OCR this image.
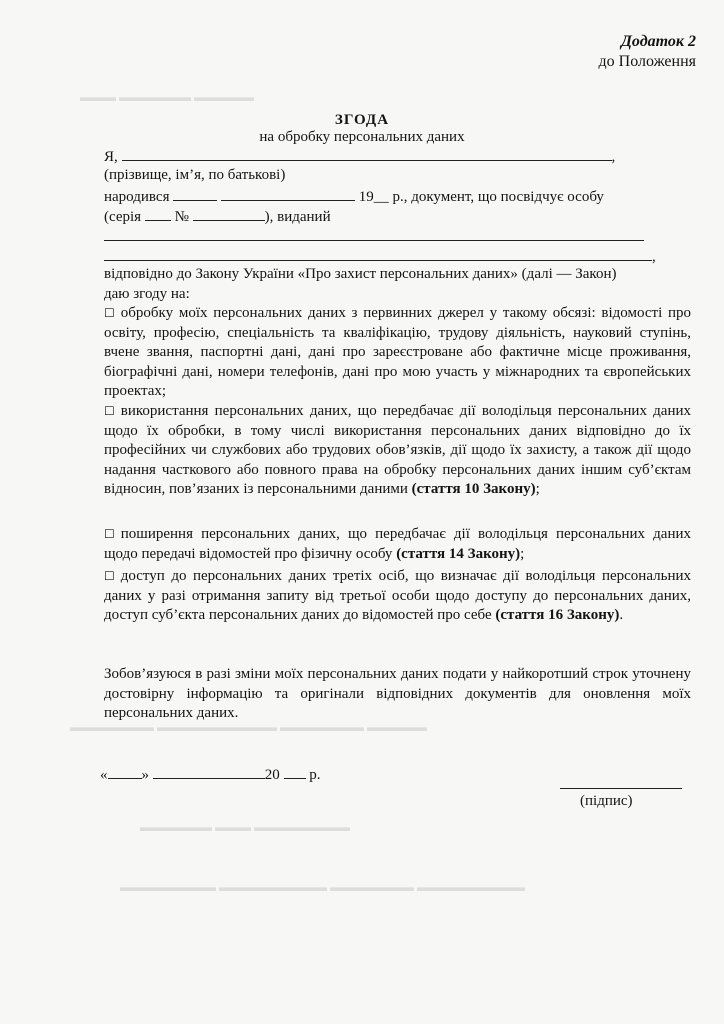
▬▬▬ ▬▬▬▬▬▬ ▬▬▬▬▬
▬▬▬▬▬▬▬ ▬▬▬▬▬▬▬▬▬▬ ▬▬▬▬▬▬▬ ▬▬▬▬▬
▬▬▬▬▬▬ ▬▬▬ ▬▬▬▬▬▬▬▬
▬▬▬▬▬▬▬▬ ▬▬▬▬▬▬▬▬▬ ▬▬▬▬▬▬▬ ▬▬▬▬▬▬▬▬▬
Додаток 2
до Положення
ЗГОДА
на обробку персональних даних
Я,	,
(прізвище, ім’я, по батькові)
народився	19__ р., документ, що посвідчує особу
(серія №	), виданий
,
відповідно до Закону України «Про захист персональних даних» (далі — Закон)
даю згоду на:
☐ обробку моїх персональних даних з первинних джерел у такому обсязі: відомості про освіту, професію, спеціальність та кваліфікацію, трудову діяльність, науковий ступінь, вчене звання, паспортні дані, дані про зареєстроване або фактичне місце проживання, біографічні дані, номери телефонів, дані про мою участь у міжнародних та європейських проектах;
☐ використання персональних даних, що передбачає дії володільця персональних даних щодо їх обробки, в тому числі використання персональних даних відповідно до їх професійних чи службових або трудових обов’язків, дії щодо їх захисту, а також дії щодо надання часткового або повного права на обробку персональних даних іншим суб’єктам відносин, пов’язаних із персональними даними (стаття 10 Закону);
☐ поширення персональних даних, що передбачає дії володільця персональних даних щодо передачі відомостей про фізичну особу (стаття 14 Закону);
☐ доступ до персональних даних третіх осіб, що визначає дії володільця персональних даних у разі отримання запиту від третьої особи щодо доступу до персональних даних, доступ суб’єкта персональних даних до відомостей про себе (стаття 16 Закону).
Зобов’язуюся в разі зміни моїх персональних даних подати у найкоротший строк уточнену достовірну інформацію та оригінали відповідних документів для оновлення моїх персональних даних.
« »	20 р.
(підпис)
